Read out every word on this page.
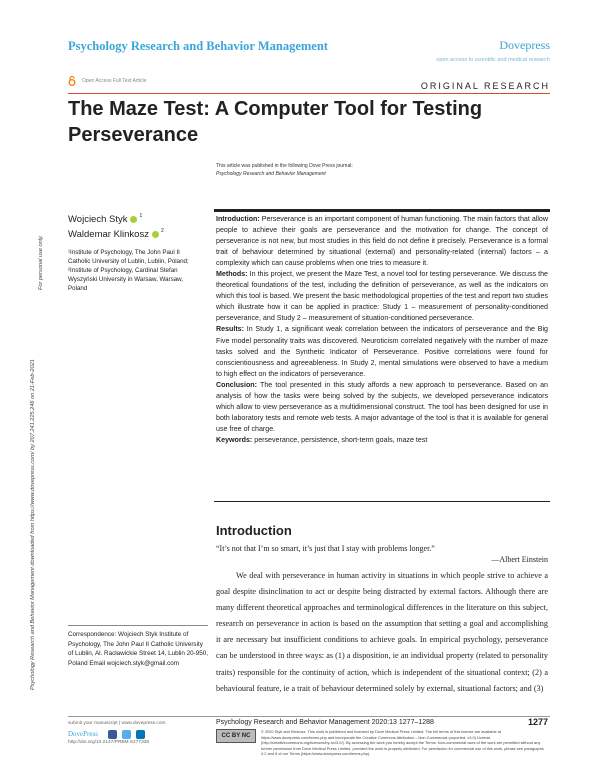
Psychology Research and Behavior Management downloaded from https://www.dovepress.com/ by 207.241.225.246 on 21-Feb-2021
For personal use only.
Psychology Research and Behavior Management	Dovepress
open access to scientific and medical research
Open Access Full Text Article	ORIGINAL RESEARCH
The Maze Test: A Computer Tool for Testing Perseverance
This article was published in the following Dove Press journal:
Psychology Research and Behavior Management
Wojciech Styk $^1$
Waldemar Klinkosz $^2$
¹Institute of Psychology, The John Paul II Catholic University of Lublin, Lublin, Poland; ²Institute of Psychology, Cardinal Stefan Wyszyński University in Warsaw, Warsaw, Poland

Introduction: Perseverance is an important component of human functioning. The main factors that allow people to achieve their goals are perseverance and the motivation for change. The concept of perseverance is not new, but most studies in this field do not define it precisely. Perseverance is a formal trait of behaviour determined by situational (external) and personality-related (internal) factors – a complexity which can cause problems when one tries to measure it.

Methods: In this project, we present the Maze Test, a novel tool for testing perseverance. We discuss the theoretical foundations of the test, including the definition of perseverance, as well as the indicators on which this tool is based. We present the basic methodological properties of the test and report two studies which illustrate how it can be applied in practice: Study 1 – measurement of personality-conditioned perseverance, and Study 2 – measurement of situation-conditioned perseverance.

Results: In Study 1, a significant weak correlation between the indicators of perseverance and the Big Five model personality traits was discovered. Neuroticism correlated negatively with the number of maze tasks solved and the Synthetic Indicator of Perseverance. Positive correlations were found for conscientiousness and agreeableness. In Study 2, mental simulations were observed to have a medium to high effect on the indicators of perseverance.

Conclusion: The tool presented in this study affords a new approach to perseverance. Based on an analysis of how the tasks were being solved by the subjects, we developed perseverance indicators which allow to view perseverance as a multidimensional construct. The tool has been designed for use in both laboratory tests and remote web tests. A major advantage of the tool is that it is available for general use free of charge.

Keywords: perseverance, persistence, short-term goals, maze test

Introduction
“It’s not that I’m so smart, it’s just that I stay with problems longer.”
—Albert Einstein

We deal with perseverance in human activity in situations in which people strive to achieve a goal despite disinclination to act or despite being distracted by external factors. Although there are many different theoretical approaches and terminological differences in the literature on this subject, research on perseverance in action is based on the assumption that setting a goal and accomplishing it are necessary but insufficient conditions to achieve goals. In empirical psychology, perseverance can be understood in three ways: as (1) a disposition, ie an individual property (related to personality traits) responsible for the continuity of action, which is independent of the situational context; (2) a behavioural feature, ie a trait of behaviour determined solely by external, situational factors; and (3)

Correspondence: Wojciech Styk Institute of Psychology, The John Paul II Catholic University of Lublin, Al. Racławickie Street 14, Lublin 20-950, Poland Email wojciech.styk@gmail.com
submit your manuscript | www.dovepress.com
DovePress
http://doi.org/10.2147/PRBM.S277338
Psychology Research and Behavior Management 2020:13 1277–1288	1277
CC BY NC
© 2020 Styk and Klinkosz. This work is published and licensed by Dove Medical Press Limited. The full terms of this license are available at https://www.dovepress.com/terms.php and incorporate the Creative Commons Attribution – Non Commercial (unported, v3.0) License (http://creativecommons.org/licenses/by-nc/3.0/). By accessing the work you hereby accept the Terms. Non-commercial uses of the work are permitted without any further permission from Dove Medical Press Limited, provided the work is properly attributed. For permission for commercial use of this work, please see paragraphs 4.2 and 5 of our Terms (https://www.dovepress.com/terms.php).
